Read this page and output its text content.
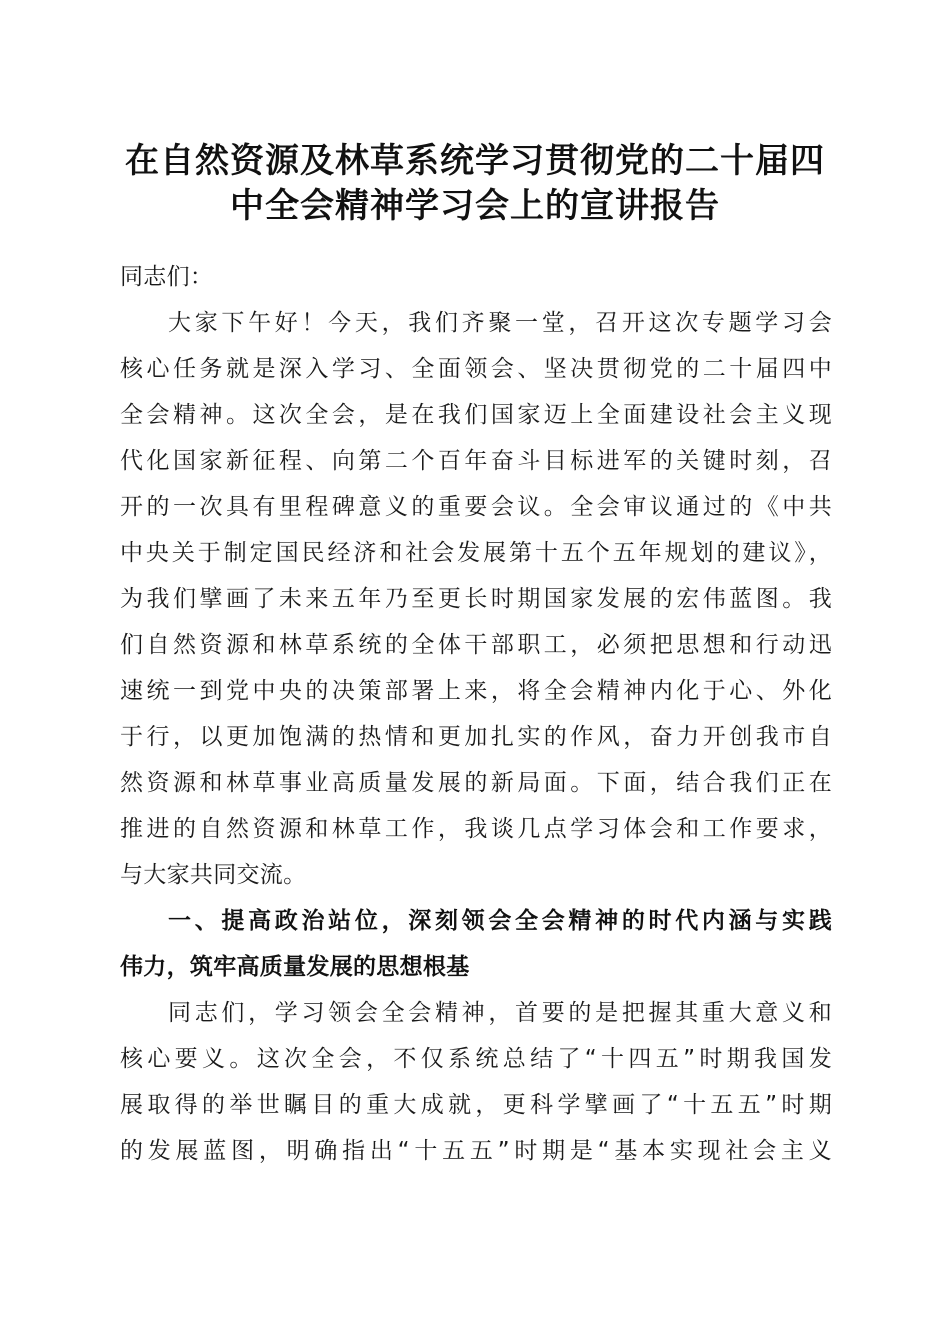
在自然资源及林草系统学习贯彻党的二十届四
中全会精神学习会上的宣讲报告
同志们：
大家下午好！今天，我们齐聚一堂，召开这次专题学习会
核心任务就是深入学习、全面领会、坚决贯彻党的二十届四中
全会精神。这次全会，是在我们国家迈上全面建设社会主义现
代化国家新征程、向第二个百年奋斗目标进军的关键时刻，召
开的一次具有里程碑意义的重要会议。全会审议通过的《中共
中央关于制定国民经济和社会发展第十五个五年规划的建议》，
为我们擘画了未来五年乃至更长时期国家发展的宏伟蓝图。我
们自然资源和林草系统的全体干部职工，必须把思想和行动迅
速统一到党中央的决策部署上来，将全会精神内化于心、外化
于行，以更加饱满的热情和更加扎实的作风，奋力开创我市自
然资源和林草事业高质量发展的新局面。下面，结合我们正在
推进的自然资源和林草工作，我谈几点学习体会和工作要求，
与大家共同交流。
一、提高政治站位，深刻领会全会精神的时代内涵与实践
伟力，筑牢高质量发展的思想根基
同志们，学习领会全会精神，首要的是把握其重大意义和
核心要义。这次全会，不仅系统总结了“十四五”时期我国发
展取得的举世瞩目的重大成就，更科学擘画了“十五五”时期
的发展蓝图，明确指出“十五五”时期是“基本实现社会主义
